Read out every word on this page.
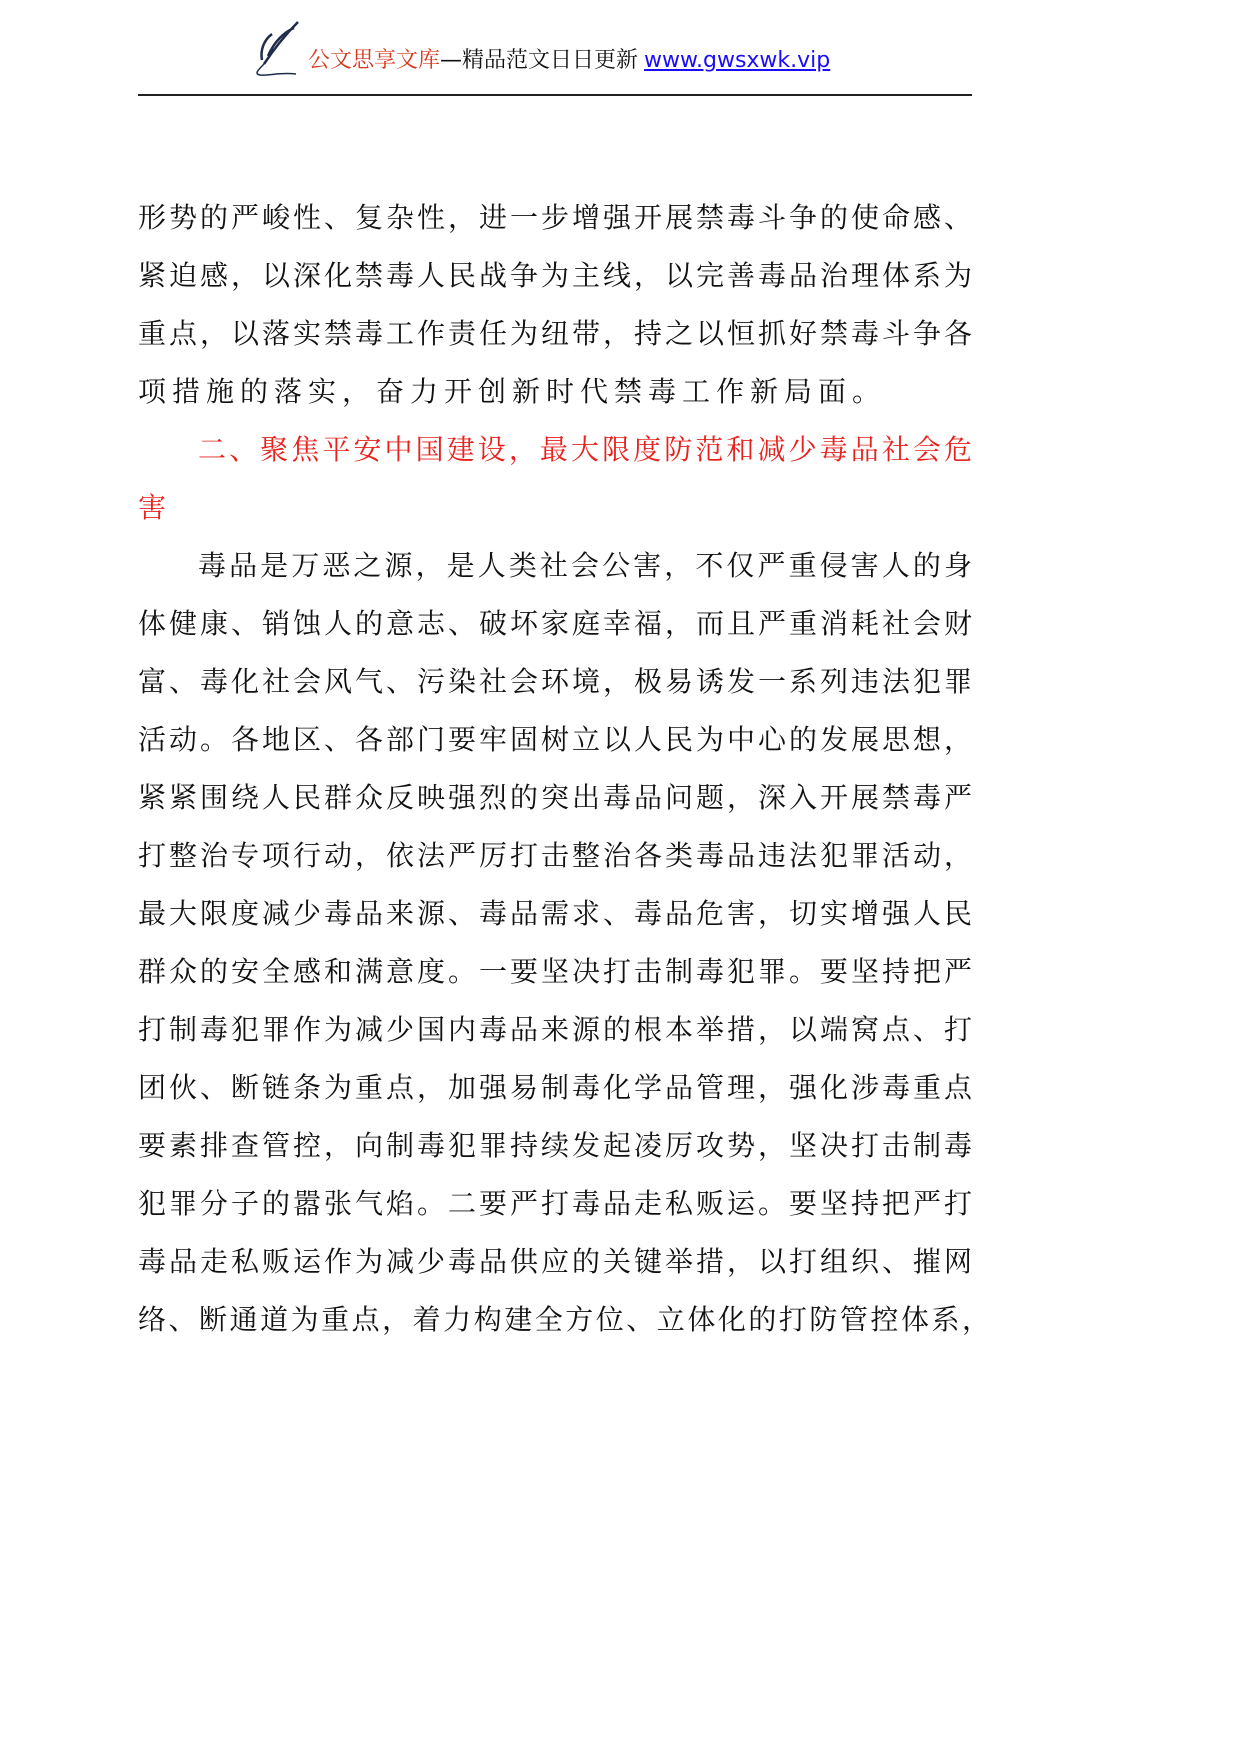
公文思享文库—精品范文日日更新 www.gwsxwk.vip
形势的严峻性、复杂性，进一步增强开展禁毒斗争的使命感、
紧迫感，以深化禁毒人民战争为主线，以完善毒品治理体系为
重点，以落实禁毒工作责任为纽带，持之以恒抓好禁毒斗争各
项措施的落实，奋力开创新时代禁毒工作新局面。
二、聚焦平安中国建设，最大限度防范和减少毒品社会危
害
毒品是万恶之源，是人类社会公害，不仅严重侵害人的身
体健康、销蚀人的意志、破坏家庭幸福，而且严重消耗社会财
富、毒化社会风气、污染社会环境，极易诱发一系列违法犯罪
活动。各地区、各部门要牢固树立以人民为中心的发展思想，
紧紧围绕人民群众反映强烈的突出毒品问题，深入开展禁毒严
打整治专项行动，依法严厉打击整治各类毒品违法犯罪活动，
最大限度减少毒品来源、毒品需求、毒品危害，切实增强人民
群众的安全感和满意度。一要坚决打击制毒犯罪。要坚持把严
打制毒犯罪作为减少国内毒品来源的根本举措，以端窝点、打
团伙、断链条为重点，加强易制毒化学品管理，强化涉毒重点
要素排查管控，向制毒犯罪持续发起凌厉攻势，坚决打击制毒
犯罪分子的嚣张气焰。二要严打毒品走私贩运。要坚持把严打
毒品走私贩运作为减少毒品供应的关键举措，以打组织、摧网
络、断通道为重点，着力构建全方位、立体化的打防管控体系，
